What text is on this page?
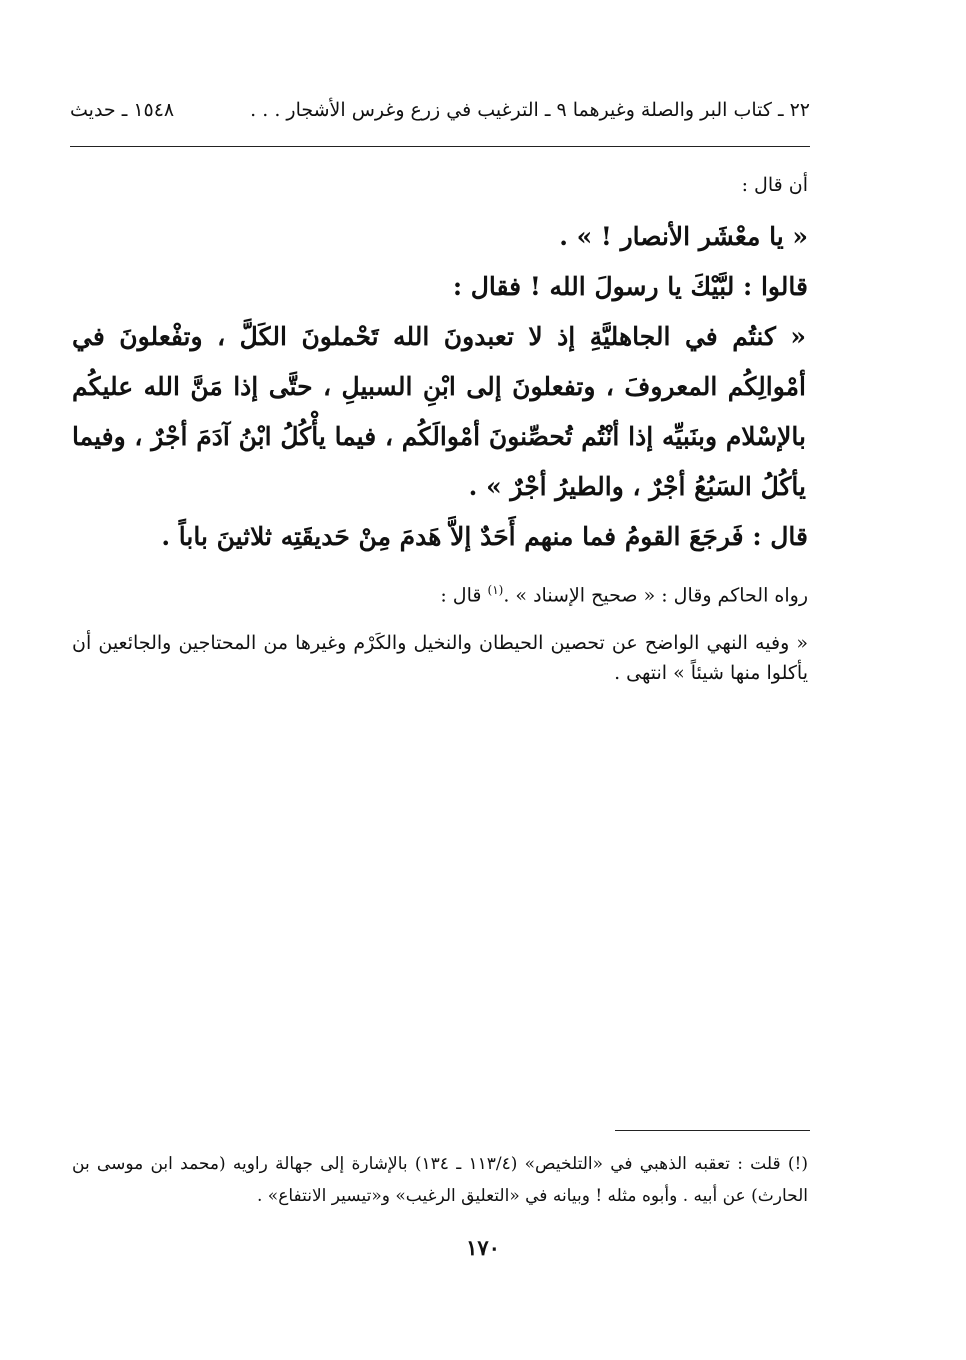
٢٢ ـ كتاب البر والصلة وغيرهما ٩ ـ الترغيب في زرع وغرس الأشجار . . .
١٥٤٨ ـ حديث
أن قال :
« يا معْشَر الأنصار ! » .
قالوا : لبَّيْكَ يا رسولَ الله ! فقال :
« كنتُم في الجاهليَّةِ إذ لا تعبدونَ الله تَحْملونَ الكَلَّ ، وتفْعلونَ في أمْوالِكُم المعروفَ ، وتفعلونَ إلى ابْنِ السبيلِ ، حتَّى إذا مَنَّ الله عليكُم بالإسْلام وبنَبيِّه إذا أنْتُم تُحصِّنونَ أمْوالَكُم ، فيما يأْكُلُ ابْنُ آدَمَ أجْرٌ ، وفيما يأكُلُ السَبُعُ أجْرٌ ، والطيرُ أجْرٌ » .
قال : فَرجَعَ القومُ فما منهم أَحَدٌ إلاَّ هَدمَ مِنْ حَديقَتِه ثلاثينَ باباً .
رواه الحاكم وقال : « صحيح الإسناد » .$^{(١)}$ قال :
« وفيه النهي الواضح عن تحصين الحيطان والنخيل والكَرْم وغيرها من المحتاجين والجائعين أن يأكلوا منها شيئاً » انتهى .
(!) قلت : تعقبه الذهبي في «التلخيص» (١١٣/٤ ـ ١٣٤) بالإشارة إلى جهالة راويه (محمد ابن موسى بن الحارث) عن أبيه . وأبوه مثله ! وبيانه في «التعليق الرغيب» و«تيسير الانتفاع» .
١٧٠
